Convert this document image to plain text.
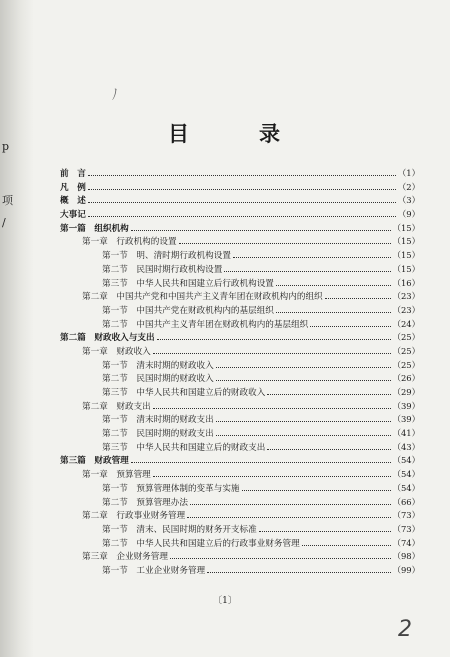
p
项
/
ﾉ
目	录
前　言	（1）
凡　例	（2）
概　述	（3）
大事记	（9）
第一篇　组织机构	（15）
第一章　行政机构的设置	（15）
第一节　明、清时期行政机构设置	（15）
第二节　民国时期行政机构设置	（15）
第三节　中华人民共和国建立后行政机构设置	（16）
第二章　中国共产党和中国共产主义青年团在财政机构内的组织	（23）
第一节　中国共产党在财政机构内的基层组织	（23）
第二节　中国共产主义青年团在财政机构内的基层组织	（24）
第二篇　财政收入与支出	（25）
第一章　财政收入	（25）
第一节　清末时期的财政收入	（25）
第二节　民国时期的财政收入	（26）
第三节　中华人民共和国建立后的财政收入	（29）
第二章　财政支出	（39）
第一节　清末时期的财政支出	（39）
第二节　民国时期的财政支出	（41）
第三节　中华人民共和国建立后的财政支出	（43）
第三篇　财政管理	（54）
第一章　预算管理	（54）
第一节　预算管理体制的变革与实施	（54）
第二节　预算管理办法	（66）
第二章　行政事业财务管理	（73）
第一节　清末、民国时期的财务开支标准	（73）
第二节　中华人民共和国建立后的行政事业财务管理	（74）
第三章　企业财务管理	（98）
第一节　工业企业财务管理	（99）
〔1〕
2
